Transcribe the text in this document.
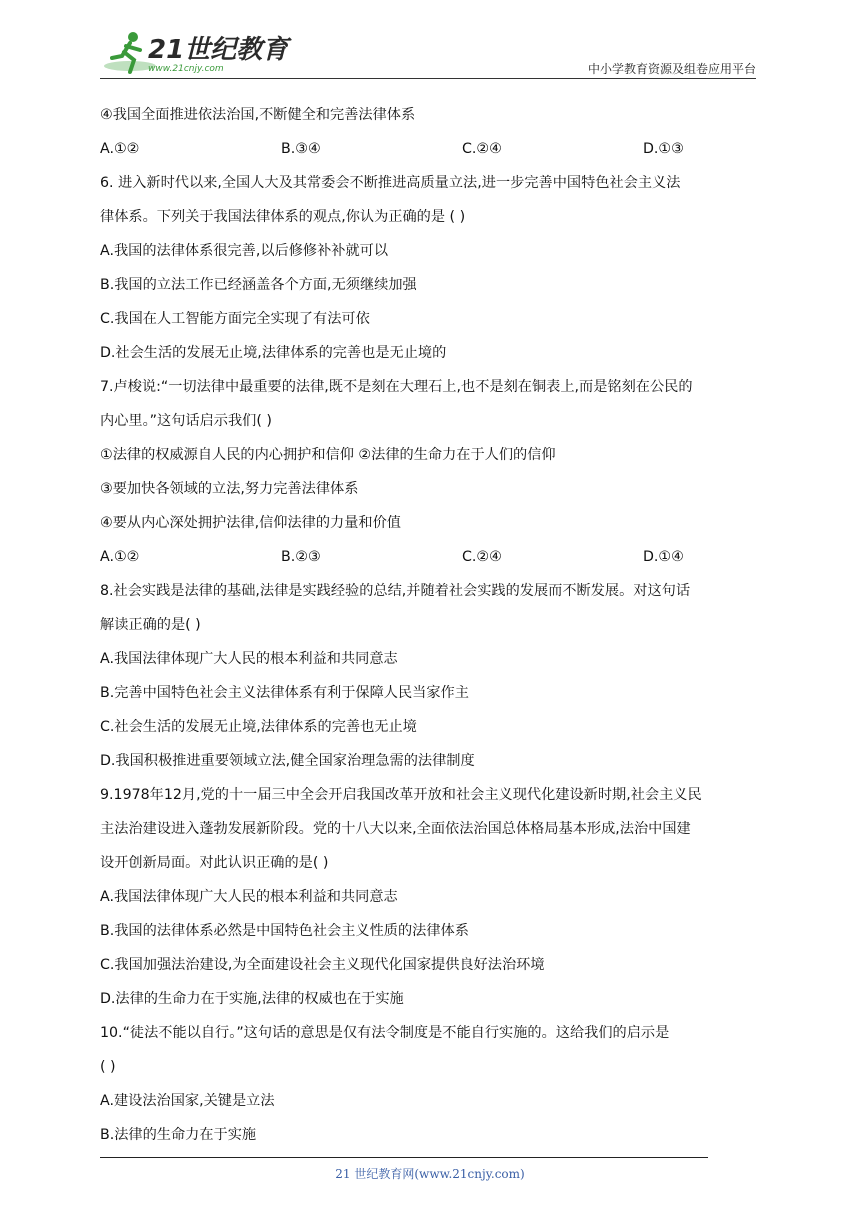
21世纪教育
www.21cnjy.com	中小学教育资源及组卷应用平台
④我国全面推进依法治国,不断健全和完善法律体系
A.①②	B.③④	C.②④	D.①③
6. 进入新时代以来,全国人大及其常委会不断推进高质量立法,进一步完善中国特色社会主义法
律体系。下列关于我国法律体系的观点,你认为正确的是 ( )
A.我国的法律体系很完善,以后修修补补就可以
B.我国的立法工作已经涵盖各个方面,无须继续加强
C.我国在人工智能方面完全实现了有法可依
D.社会生活的发展无止境,法律体系的完善也是无止境的
7.卢梭说:“一切法律中最重要的法律,既不是刻在大理石上,也不是刻在铜表上,而是铭刻在公民的
内心里。”这句话启示我们( )
①法律的权威源自人民的内心拥护和信仰 ②法律的生命力在于人们的信仰
③要加快各领域的立法,努力完善法律体系
④要从内心深处拥护法律,信仰法律的力量和价值
A.①②	B.②③	C.②④	D.①④
8.社会实践是法律的基础,法律是实践经验的总结,并随着社会实践的发展而不断发展。对这句话
解读正确的是( )
A.我国法律体现广大人民的根本利益和共同意志
B.完善中国特色社会主义法律体系有利于保障人民当家作主
C.社会生活的发展无止境,法律体系的完善也无止境
D.我国积极推进重要领域立法,健全国家治理急需的法律制度
9.1978年12月,党的十一届三中全会开启我国改革开放和社会主义现代化建设新时期,社会主义民
主法治建设进入蓬勃发展新阶段。党的十八大以来,全面依法治国总体格局基本形成,法治中国建
设开创新局面。对此认识正确的是( )
A.我国法律体现广大人民的根本利益和共同意志
B.我国的法律体系必然是中国特色社会主义性质的法律体系
C.我国加强法治建设,为全面建设社会主义现代化国家提供良好法治环境
D.法律的生命力在于实施,法律的权威也在于实施
10.“徒法不能以自行。”这句话的意思是仅有法令制度是不能自行实施的。这给我们的启示是
( )
A.建设法治国家,关键是立法
B.法律的生命力在于实施
21 世纪教育网(www.21cnjy.com)
